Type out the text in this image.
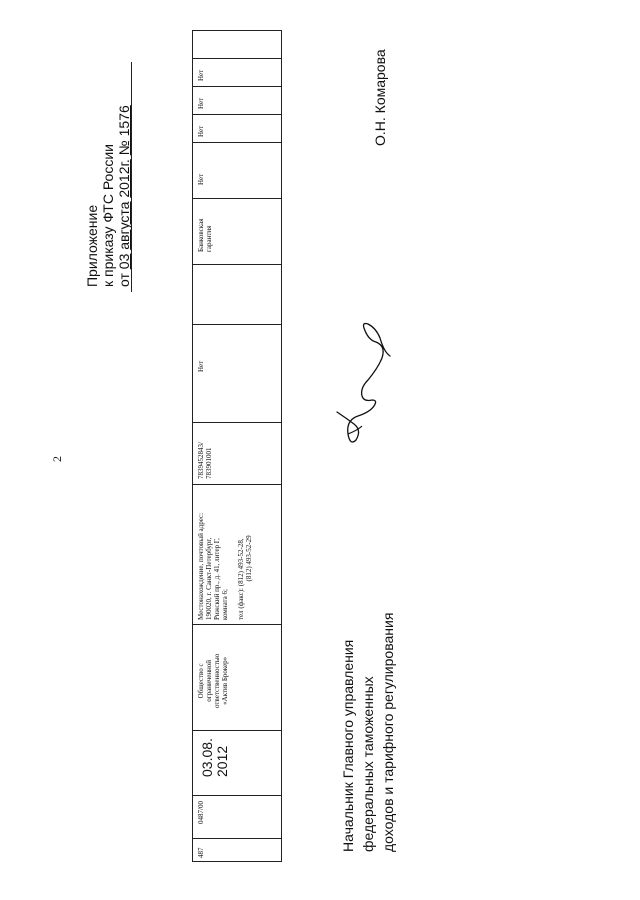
2
Приложение к приказу ФТС России от 03 августа 2012г. № 1576
487
0487/00
03.08. 2012
Общество с ограниченной ответственностью «Актив Брокер»
Местонахождение, почтовый адрес: 190020, г. Санкт-Петербург, Рижский пр., д. 41, литер Г, комната 6; тел (факс): (812) 493-52-28, (812) 493-52-29
7839452843/ 783901001
Нет
Банковская гарантия
Нет
Нет
Нет
Нет
Начальник Главного управления федеральных таможенных доходов и тарифного регулирования
О.Н. Комарова
